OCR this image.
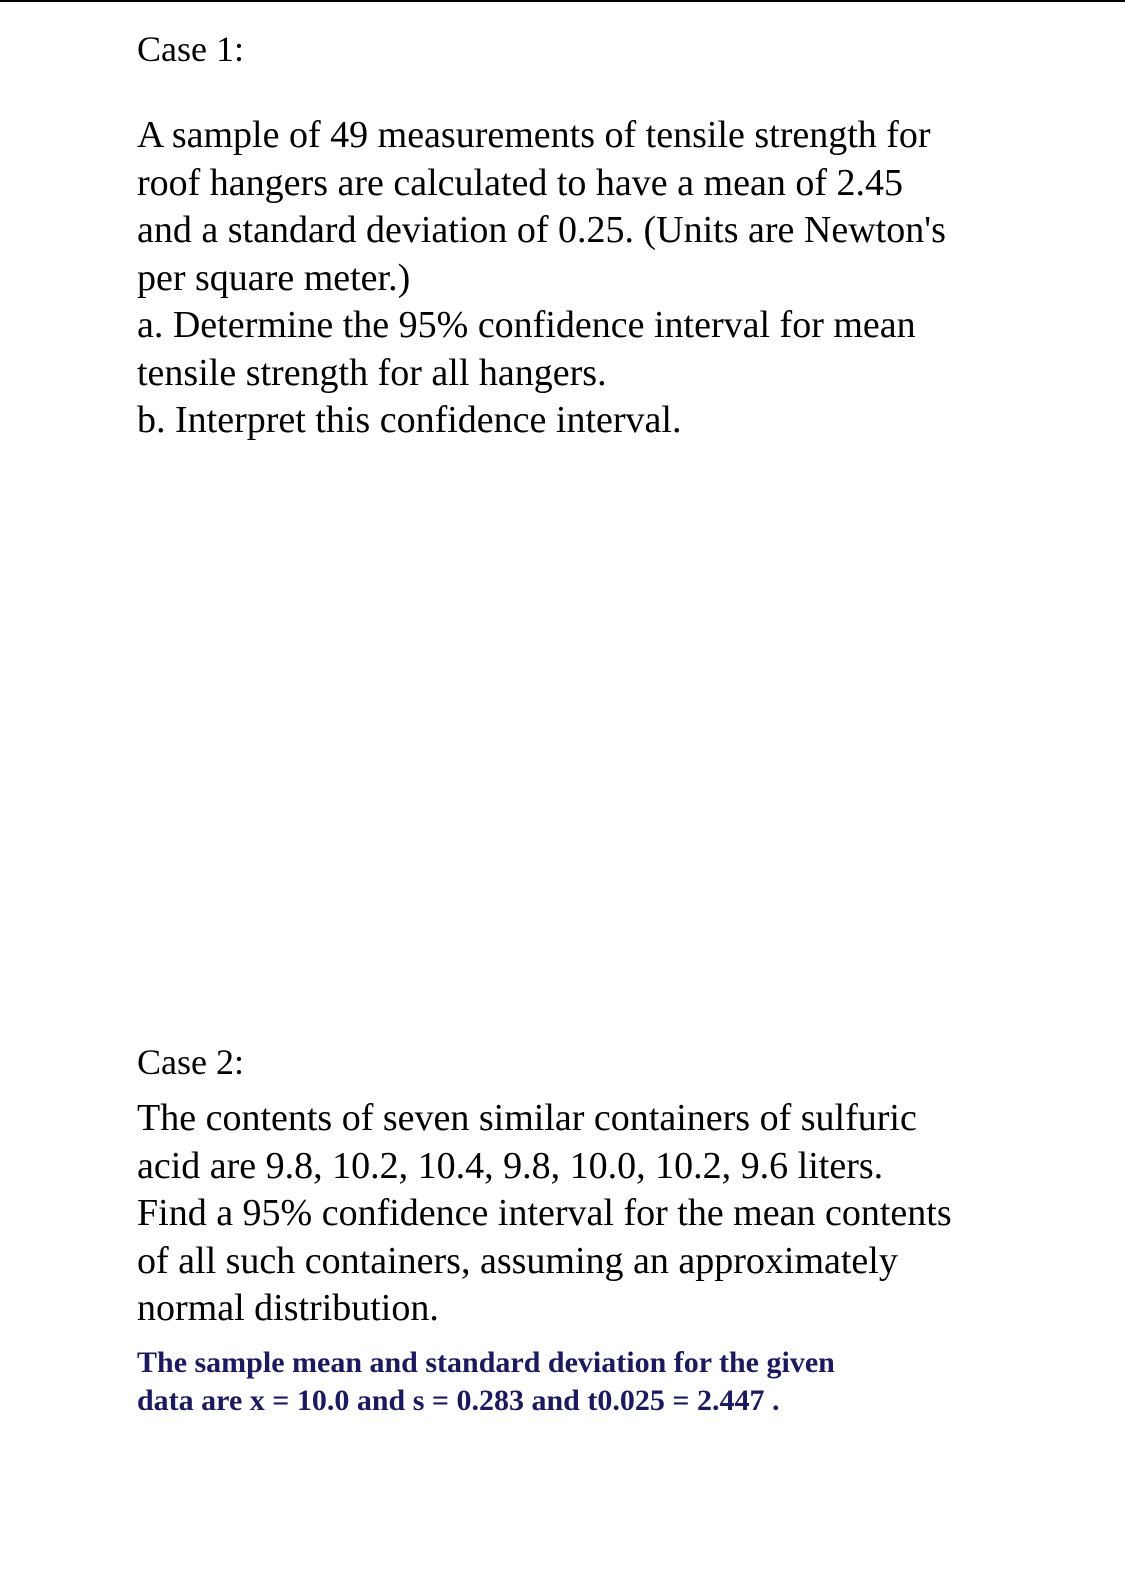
Case 1:

A sample of 49 measurements of tensile strength for
roof hangers are calculated to have a mean of 2.45
and a standard deviation of 0.25. (Units are Newton's
per square meter.)
a. Determine the 95% confidence interval for mean
tensile strength for all hangers.
b. Interpret this confidence interval.

Case 2:

The contents of seven similar containers of sulfuric
acid are 9.8, 10.2, 10.4, 9.8, 10.0, 10.2, 9.6 liters.
Find a 95% confidence interval for the mean contents
of all such containers, assuming an approximately
normal distribution.

The sample mean and standard deviation for the given
data are x = 10.0 and s = 0.283 and t0.025 = 2.447 .
